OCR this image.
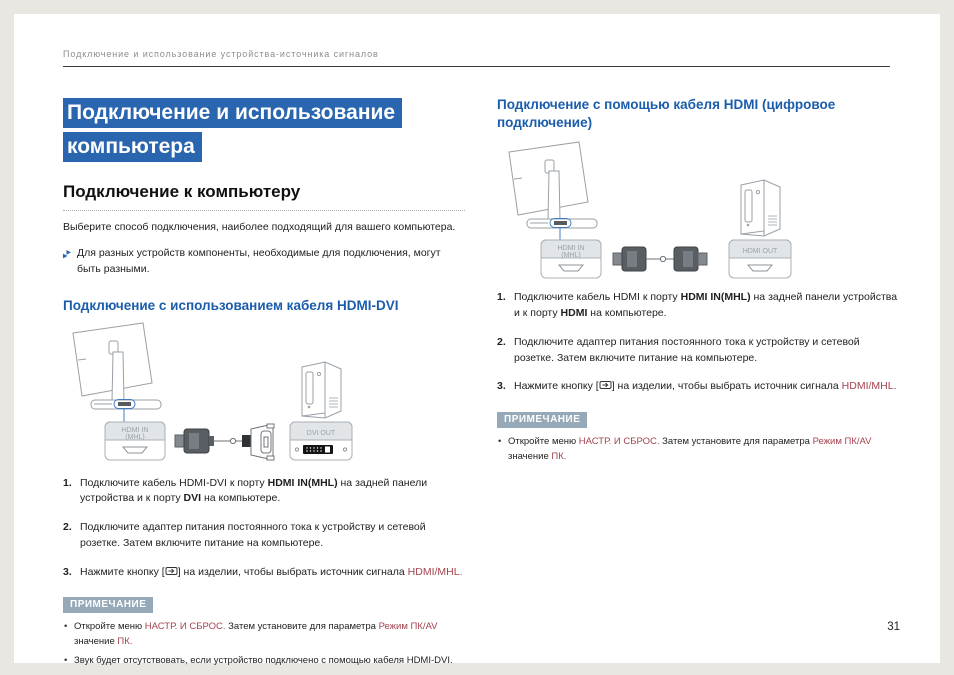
Подключение и использование устройства-источника сигналов
Подключение и использование
компьютера
Подключение к компьютеру

Выберите способ подключения, наиболее подходящий для вашего компьютера.

Для разных устройств компоненты, необходимые для подключения, могут быть разными.
Подключение с использованием кабеля HDMI-DVI
HDMI IN
(MHL)
DVI OUT
1. Подключите кабель HDMI-DVI к порту HDMI IN(MHL) на задней панели устройства и к порту DVI на компьютере.
2. Подключите адаптер питания постоянного тока к устройству и сетевой розетке. Затем включите питание на компьютере.
3. Нажмите кнопку [ ] на изделии, чтобы выбрать источник сигнала HDMI/MHL.
ПРИМЕЧАНИЕ
• Откройте меню НАСТР. И СБРОС. Затем установите для параметра Режим ПК/AV значение ПК.
• Звук будет отсутствовать, если устройство подключено с помощью кабеля HDMI-DVI.
Подключение с помощью кабеля HDMI (цифровое подключение)
HDMI IN
(MHL)
HDMI OUT
1. Подключите кабель HDMI к порту HDMI IN(MHL) на задней панели устройства и к порту HDMI на компьютере.
2. Подключите адаптер питания постоянного тока к устройству и сетевой розетке. Затем включите питание на компьютере.
3. Нажмите кнопку [ ] на изделии, чтобы выбрать источник сигнала HDMI/MHL.
ПРИМЕЧАНИЕ
• Откройте меню НАСТР. И СБРОС. Затем установите для параметра Режим ПК/AV значение ПК.
31
